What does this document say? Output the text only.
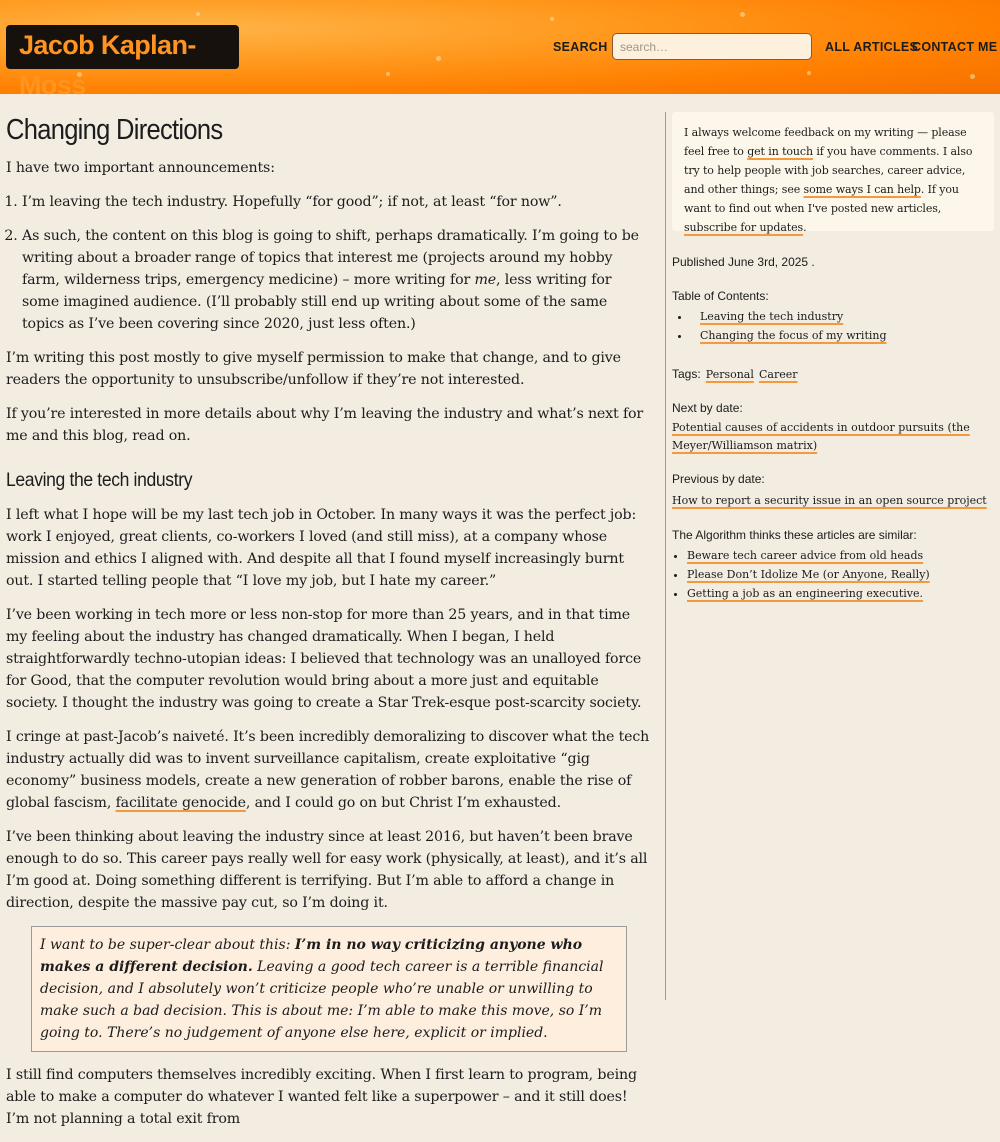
Jacob Kaplan-Moss
SEARCH
search…	ALL ARTICLES
CONTACT ME
Changing Directions

I have two important announcements:

1. I’m leaving the tech industry. Hopefully “for good”; if not, at least “for now”.
2. As such, the content on this blog is going to shift, perhaps dramatically. I’m going to be writing about a broader range of topics that interest me (projects around my hobby farm, wilderness trips, emergency medicine) – more writing for me, less writing for some imagined audience. (I’ll probably still end up writing about some of the same topics as I’ve been covering since 2020, just less often.)

I’m writing this post mostly to give myself permission to make that change, and to give readers the opportunity to unsubscribe/unfollow if they’re not interested.

If you’re interested in more details about why I’m leaving the industry and what’s next for me and this blog, read on.

Leaving the tech industry

I left what I hope will be my last tech job in October. In many ways it was the perfect job: work I enjoyed, great clients, co-workers I loved (and still miss), at a company whose mission and ethics I aligned with. And despite all that I found myself increasingly burnt out. I started telling people that “I love my job, but I hate my career.”

I’ve been working in tech more or less non-stop for more than 25 years, and in that time my feeling about the industry has changed dramatically. When I began, I held straightforwardly techno-utopian ideas: I believed that technology was an unalloyed force for Good, that the computer revolution would bring about a more just and equitable society. I thought the industry was going to create a Star Trek-esque post-scarcity society.

I cringe at past-Jacob’s naiveté. It’s been incredibly demoralizing to discover what the tech industry actually did was to invent surveillance capitalism, create exploitative “gig economy” business models, create a new generation of robber barons, enable the rise of global fascism, facilitate genocide, and I could go on but Christ I’m exhausted.

I’ve been thinking about leaving the industry since at least 2016, but haven’t been brave enough to do so. This career pays really well for easy work (physically, at least), and it’s all I’m good at. Doing something different is terrifying. But I’m able to afford a change in direction, despite the massive pay cut, so I’m doing it.

I want to be super-clear about this: I’m in no way criticizing anyone who makes a different decision. Leaving a good tech career is a terrible financial decision, and I absolutely won’t criticize people who’re unable or unwilling to make such a bad decision. This is about me: I’m able to make this move, so I’m going to. There’s no judgement of anyone else here, explicit or implied.

I still find computers themselves incredibly exciting. When I first learn to program, being able to make a computer do whatever I wanted felt like a superpower – and it still does! I’m not planning a total exit from

I always welcome feedback on my writing — please feel free to get in touch if you have comments. I also try to help people with job searches, career advice, and other things; see some ways I can help. If you want to find out when I've posted new articles, subscribe for updates.
Published June 3rd, 2025 .
Table of Contents:
• Leaving the tech industry
• Changing the focus of my writing
Tags: Personal Career
Next by date:
Potential causes of accidents in outdoor pursuits (the Meyer/Williamson matrix)
Previous by date:
How to report a security issue in an open source project
The Algorithm thinks these articles are similar:
• Beware tech career advice from old heads
• Please Don’t Idolize Me (or Anyone, Really)
• Getting a job as an engineering executive.
